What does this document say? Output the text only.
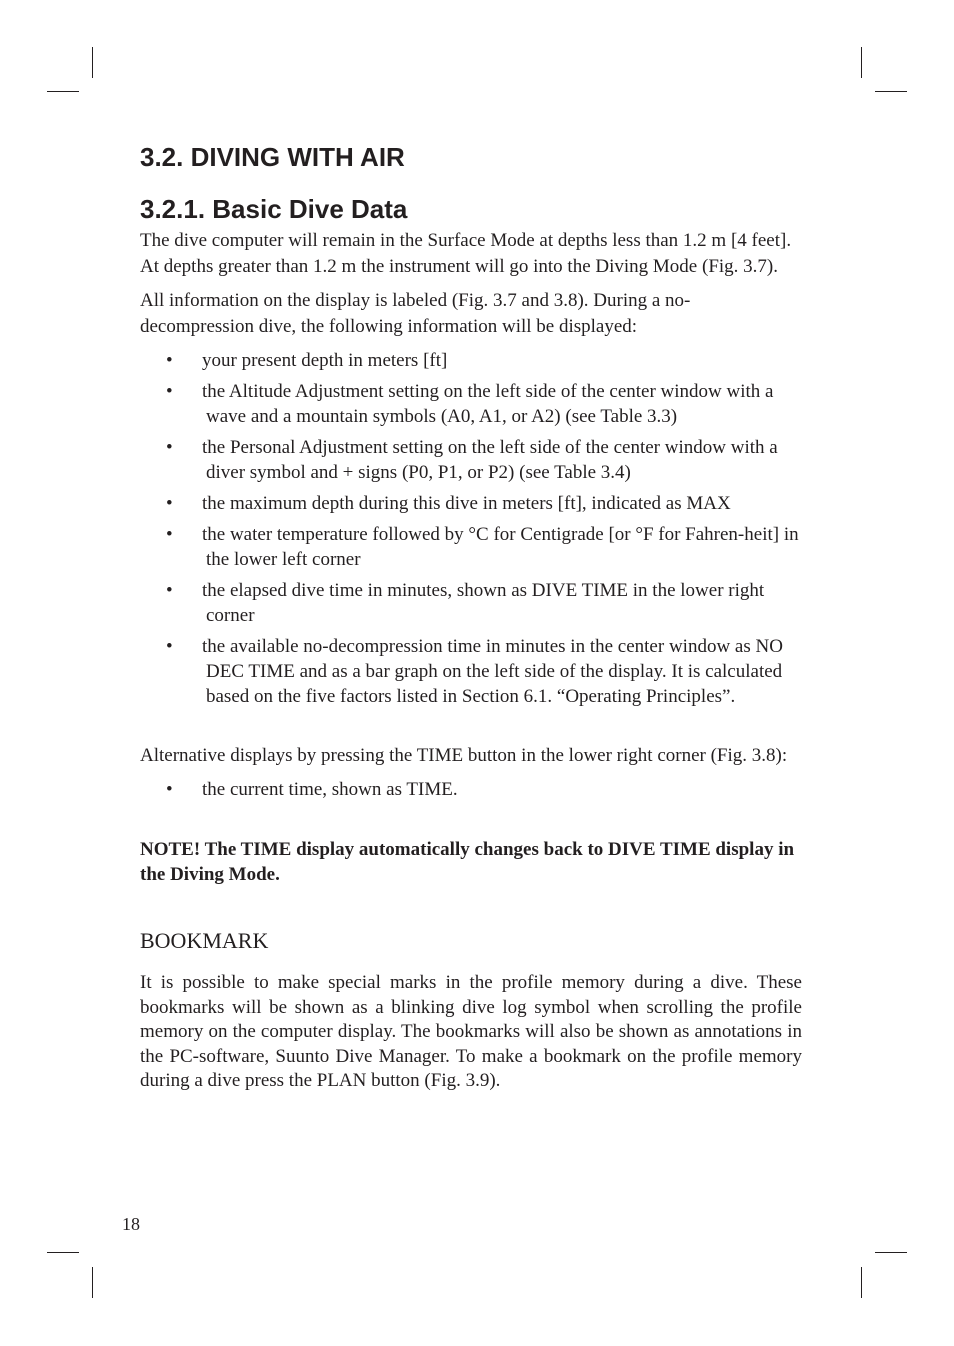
3.2. DIVING WITH AIR
3.2.1. Basic Dive Data

The dive computer will remain in the Surface Mode at depths less than 1.2 m [4 feet]. At depths greater than 1.2 m the instrument will go into the Diving Mode (Fig. 3.7).

All information on the display is labeled (Fig. 3.7 and 3.8). During a no-decompression dive, the following information will be displayed:

• your present depth in meters [ft]
• the Altitude Adjustment setting on the left side of the center window with a wave and a mountain symbols (A0, A1, or A2) (see Table 3.3)
• the Personal Adjustment setting on the left side of the center window with a diver symbol and + signs (P0, P1, or P2) (see Table 3.4)
• the maximum depth during this dive in meters [ft], indicated as MAX
• the water temperature followed by °C for Centigrade [or °F for Fahren-heit] in the lower left corner
• the elapsed dive time in minutes, shown as DIVE TIME in the lower right corner
• the available no-decompression time in minutes in the center window as NO DEC TIME and as a bar graph on the left side of the display. It is calculated based on the five factors listed in Section 6.1. “Operating Principles”.

Alternative displays by pressing the TIME button in the lower right corner (Fig. 3.8):

• the current time, shown as TIME.

NOTE! The TIME display automatically changes back to DIVE TIME display in the Diving Mode.

BOOKMARK

It is possible to make special marks in the profile memory during a dive. These bookmarks will be shown as a blinking dive log symbol when scrolling the profile memory on the computer display. The bookmarks will also be shown as annotations in the PC-software, Suunto Dive Manager. To make a bookmark on the profile memory during a dive press the PLAN button (Fig. 3.9).

18
